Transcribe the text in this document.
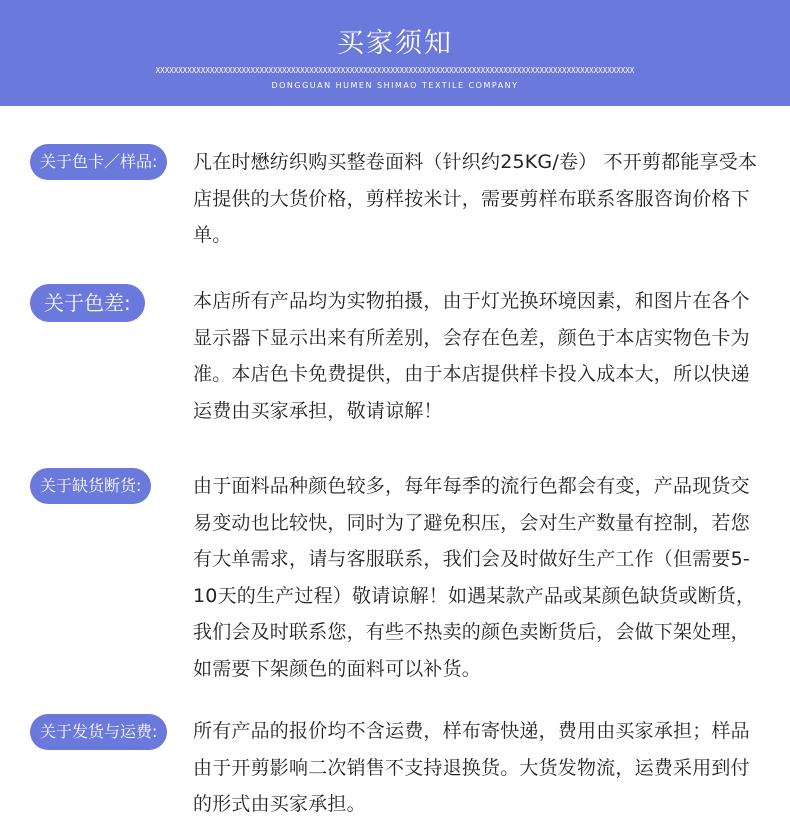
买家须知
XXXXXXXXXXXXXXXXXXXXXXXXXXXXXXXXXXXXXXXXXXXXXXXXXXXXXXXXXXXXXXXXXXXXXXXXXXXXXXXXXXXXXXXXXXXXXXXXXXXXXXXXXX
DONGGUAN HUMEN SHIMAO TEXTILE COMPANY
关于色卡／样品:	凡在时懋纺织购买整卷面料（针织约25KG/卷） 不开剪都能享受本店提供的大货价格，剪样按米计，需要剪样布联系客服咨询价格下单。
关于色差:	本店所有产品均为实物拍摄，由于灯光换环境因素，和图片在各个显示器下显示出来有所差别，会存在色差，颜色于本店实物色卡为准。本店色卡免费提供，由于本店提供样卡投入成本大，所以快递运费由买家承担，敬请谅解！
关于缺货断货:	由于面料品种颜色较多，每年每季的流行色都会有变，产品现货交易变动也比较快，同时为了避免积压，会对生产数量有控制，若您有大单需求，请与客服联系，我们会及时做好生产工作（但需要5-10天的生产过程）敬请谅解！如遇某款产品或某颜色缺货或断货，我们会及时联系您，有些不热卖的颜色卖断货后，会做下架处理，如需要下架颜色的面料可以补货。
关于发货与运费:	所有产品的报价均不含运费，样布寄快递，费用由买家承担；样品由于开剪影响二次销售不支持退换货。大货发物流，运费采用到付的形式由买家承担。
